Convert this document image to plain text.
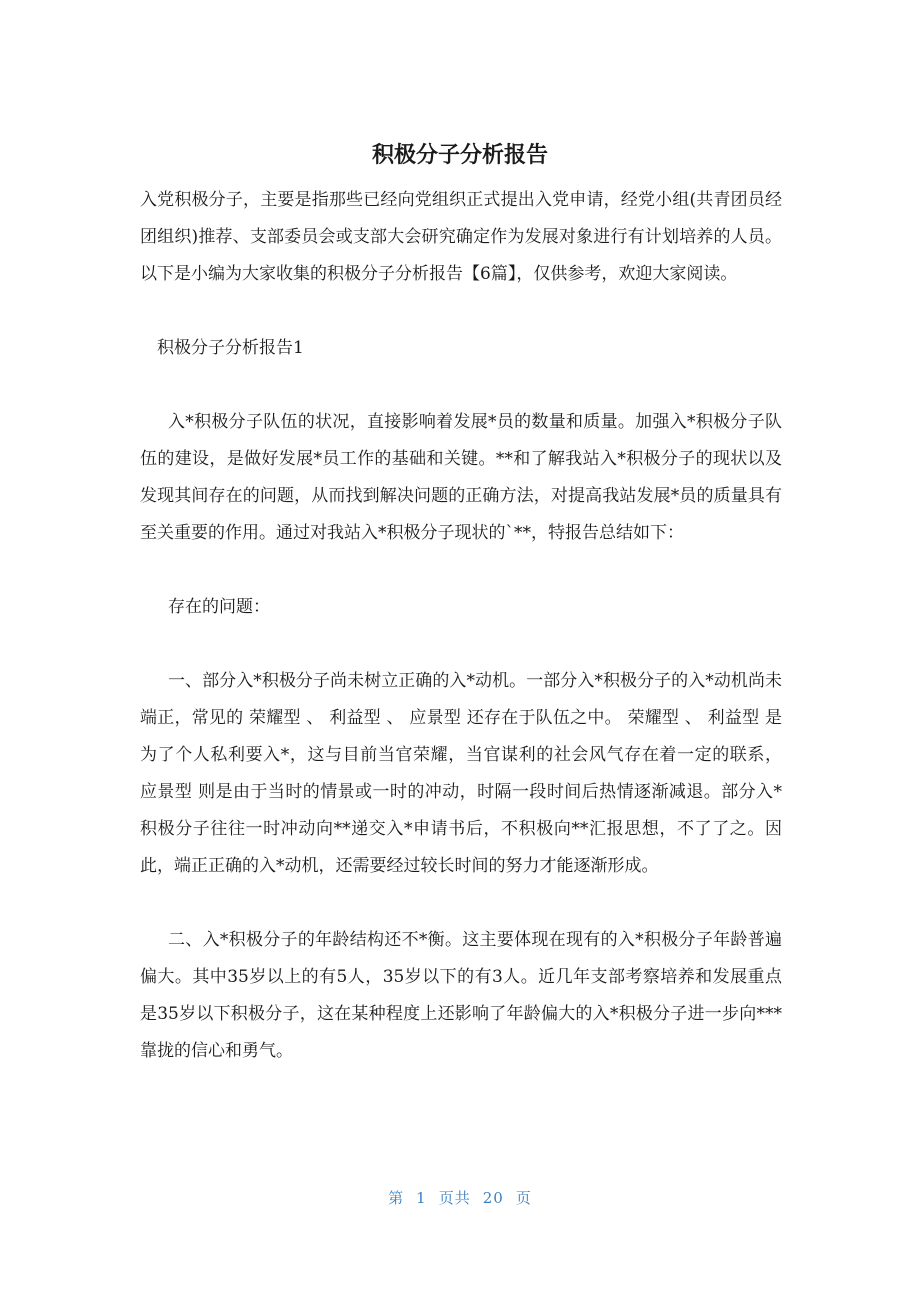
积极分子分析报告

入党积极分子，主要是指那些已经向党组织正式提出入党申请，经党小组(共青团员经团组织)推荐、支部委员会或支部大会研究确定作为发展对象进行有计划培养的人员。以下是小编为大家收集的积极分子分析报告【6篇】，仅供参考，欢迎大家阅读。

积极分子分析报告1

入*积极分子队伍的状况，直接影响着发展*员的数量和质量。加强入*积极分子队伍的建设，是做好发展*员工作的基础和关键。**和了解我站入*积极分子的现状以及发现其间存在的问题，从而找到解决问题的正确方法，对提高我站发展*员的质量具有至关重要的作用。通过对我站入*积极分子现状的`**，特报告总结如下：

存在的问题：

一、部分入*积极分子尚未树立正确的入*动机。一部分入*积极分子的入*动机尚未端正，常见的 荣耀型 、 利益型 、 应景型 还存在于队伍之中。 荣耀型 、 利益型 是为了个人私利要入*，这与目前当官荣耀，当官谋利的社会风气存在着一定的联系， 应景型 则是由于当时的情景或一时的冲动，时隔一段时间后热情逐渐减退。部分入*积极分子往往一时冲动向**递交入*申请书后，不积极向**汇报思想，不了了之。因此，端正正确的入*动机，还需要经过较长时间的努力才能逐渐形成。

二、入*积极分子的年龄结构还不*衡。这主要体现在现有的入*积极分子年龄普遍偏大。其中35岁以上的有5人，35岁以下的有3人。近几年支部考察培养和发展重点是35岁以下积极分子，这在某种程度上还影响了年龄偏大的入*积极分子进一步向***靠拢的信心和勇气。

第 1 页共 20 页
